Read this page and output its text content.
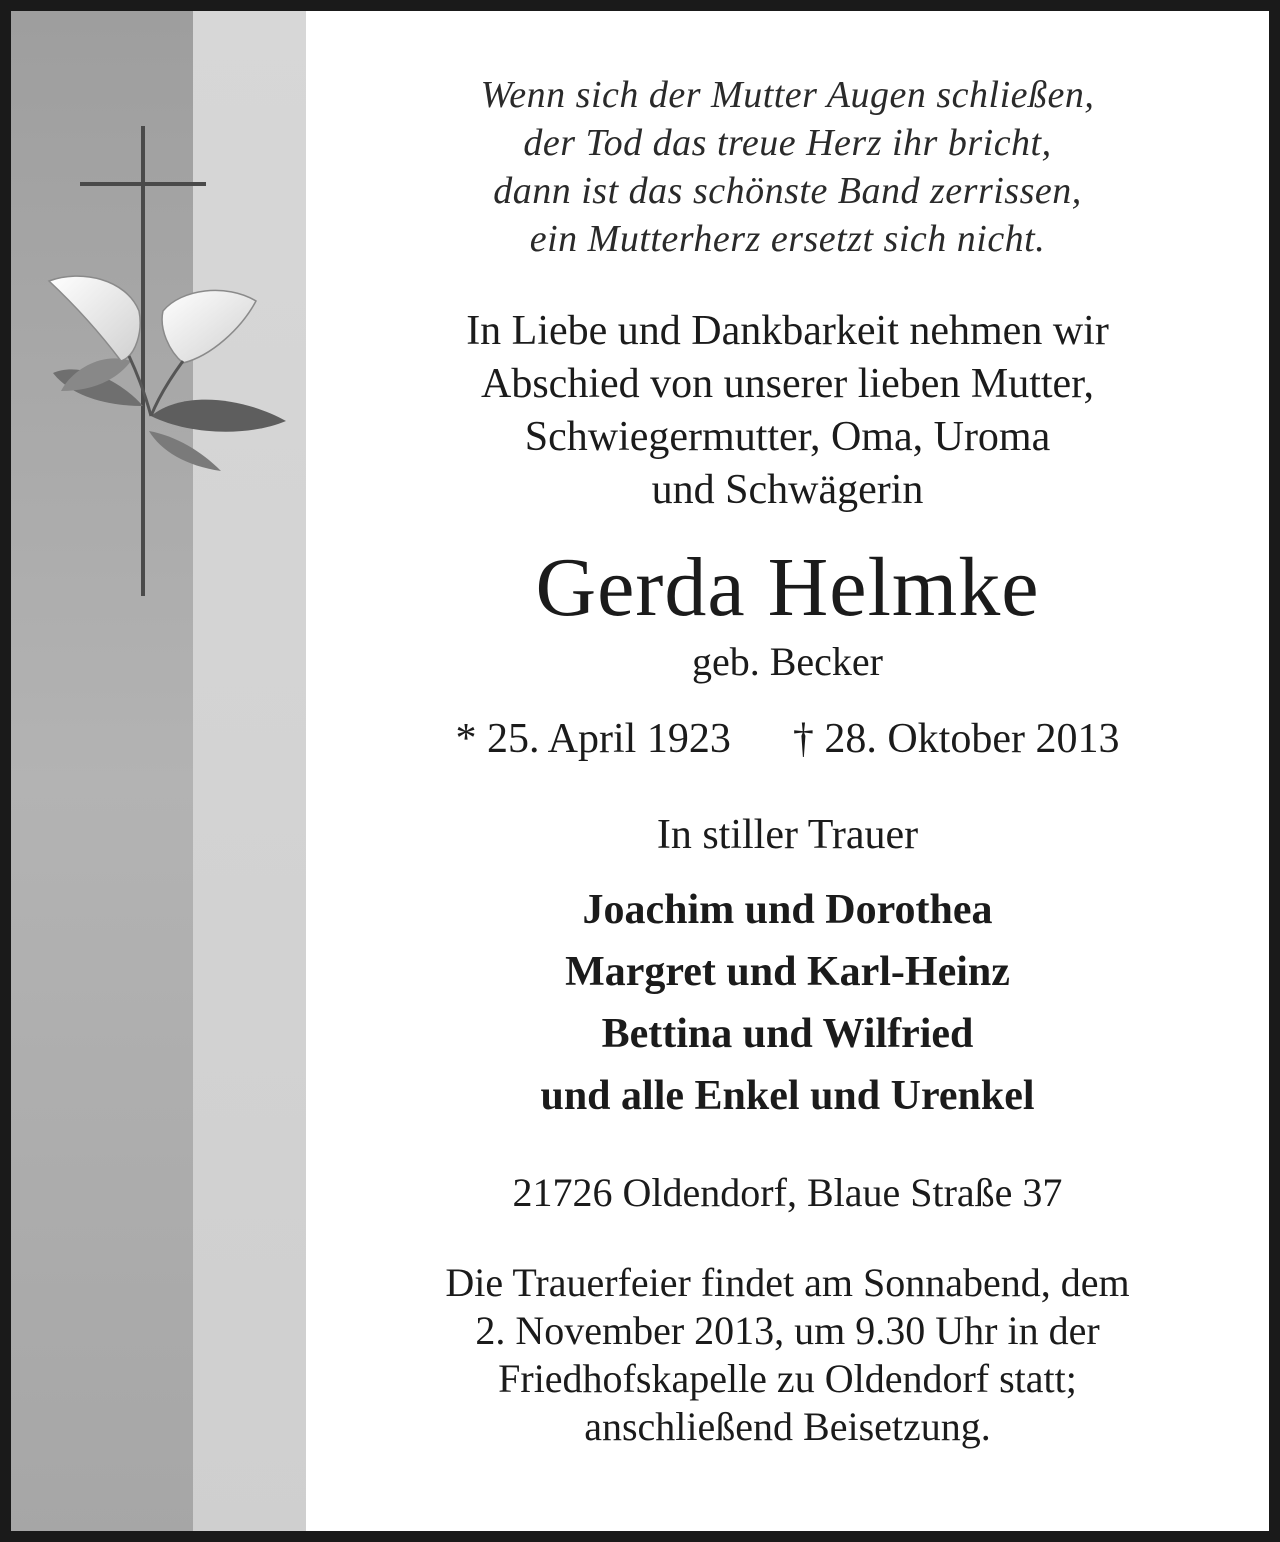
Wenn sich der Mutter Augen schließen,
der Tod das treue Herz ihr bricht,
dann ist das schönste Band zerrissen,
ein Mutterherz ersetzt sich nicht.

In Liebe und Dankbarkeit nehmen wir
Abschied von unserer lieben Mutter,
Schwiegermutter, Oma, Uroma
und Schwägerin

Gerda Helmke

geb. Becker

* 25. April 1923 † 28. Oktober 2013

In stiller Trauer

Joachim und Dorothea
Margret und Karl-Heinz
Bettina und Wilfried
und alle Enkel und Urenkel

21726 Oldendorf, Blaue Straße 37

Die Trauerfeier findet am Sonnabend, dem
2. November 2013, um 9.30 Uhr in der
Friedhofskapelle zu Oldendorf statt;
anschließend Beisetzung.
